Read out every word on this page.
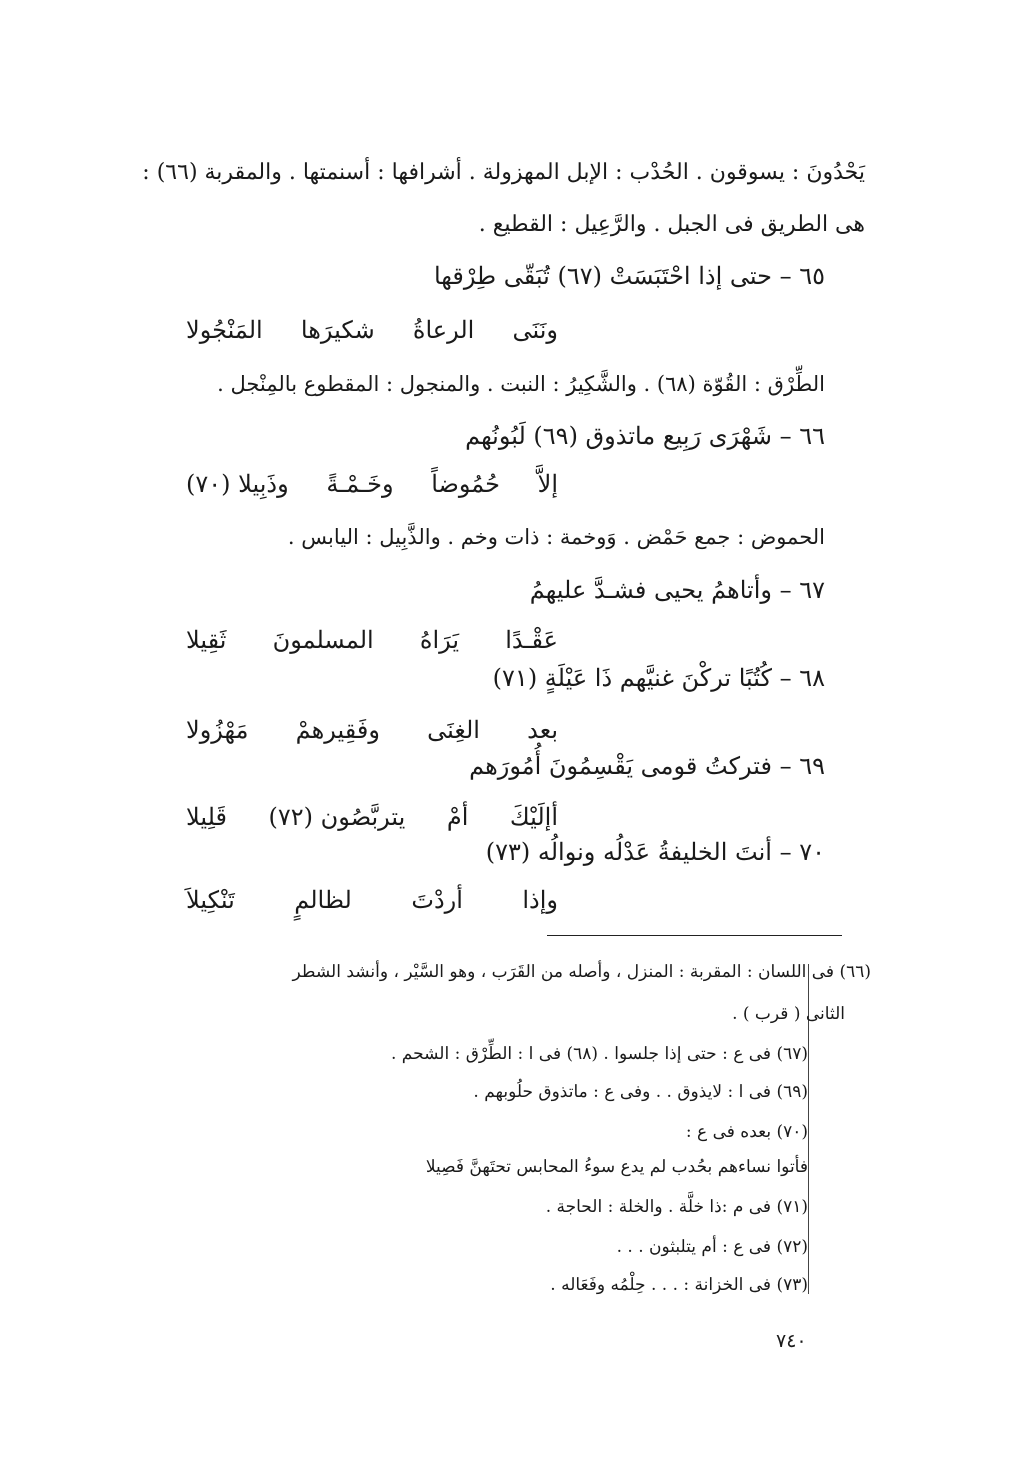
يَحْدُونَ : يسوقون . الحُدْب : الإبل المهزولة . أشرافها : أسنمتها . والمقربة (٦٦) :
هى الطريق فى الجبل . والرَّعِيل : القطيع .
٦٥ – حتى إذا احْتَبَسَتْ (٦٧) تُبَقّى طِرْقها
ونَنَى
الرعاةُ
شكيرَها
المَنْجُولا
الطِّرْق : القُوّة (٦٨) . والشَّكِيرُ : النبت . والمنجول : المقطوع بالمِنْجل .
٦٦ – شَهْرَى رَبِيع ماتذوق (٦٩) لَبُونُهم
إلاَّ
حُمُوضاً
وخَـمْـةً
وذَبِيلا (٧٠)
الحموض : جمع حَمْض . وَوخمة : ذات وخم . والذَّبِيل : اليابس .
٦٧ – وأتاهمُ يحيى فشـدَّ عليهمُ
عَقْـدًا
يَرَاهُ
المسلمونَ
ثَقِيلا
٦٨ – كُتُبًا تركْنَ غنيَّهم ذَا عَيْلَةٍ (٧١)
بعد
الغِنَى
وفَقِيرهمْ
مَهْزُولا
٦٩ – فتركتُ قومى يَقْسِمُونَ أُمُورَهم
أإلَيْكَ
أمْ
يتربَّصُون (٧٢)
قَلِيلا
٧٠ – أنتَ الخليفةُ عَدْلُه ونوالُه (٧٣)
وإذا
أردْتَ
لظالمٍ
تَنْكِيلاَ
(٦٦) فى اللسان : المقربة : المنزل ، وأصله من القَرَب ، وهو السَّيْر ، وأنشد الشطر
الثانى ( قرب ) .
(٦٧) فى ع : حتى إذا جلسوا . (٦٨) فى ا : الطِّرْق : الشحم .
(٦٩) فى ا : لايذوق . . وفى ع : ماتذوق حلُوبهم .
(٧٠) بعده فى ع :
فأتوا نساءهم بحُدب لم يدع سوءُ المحابس تحتَهنَّ فَصِيلا
(٧١) فى م :ذا خلَّة . والخلة : الحاجة .
(٧٢) فى ع : أم يتلبثون . . .
(٧٣) فى الخزانة : . . . حِلْمُه وفَعَاله .
٧٤٠
